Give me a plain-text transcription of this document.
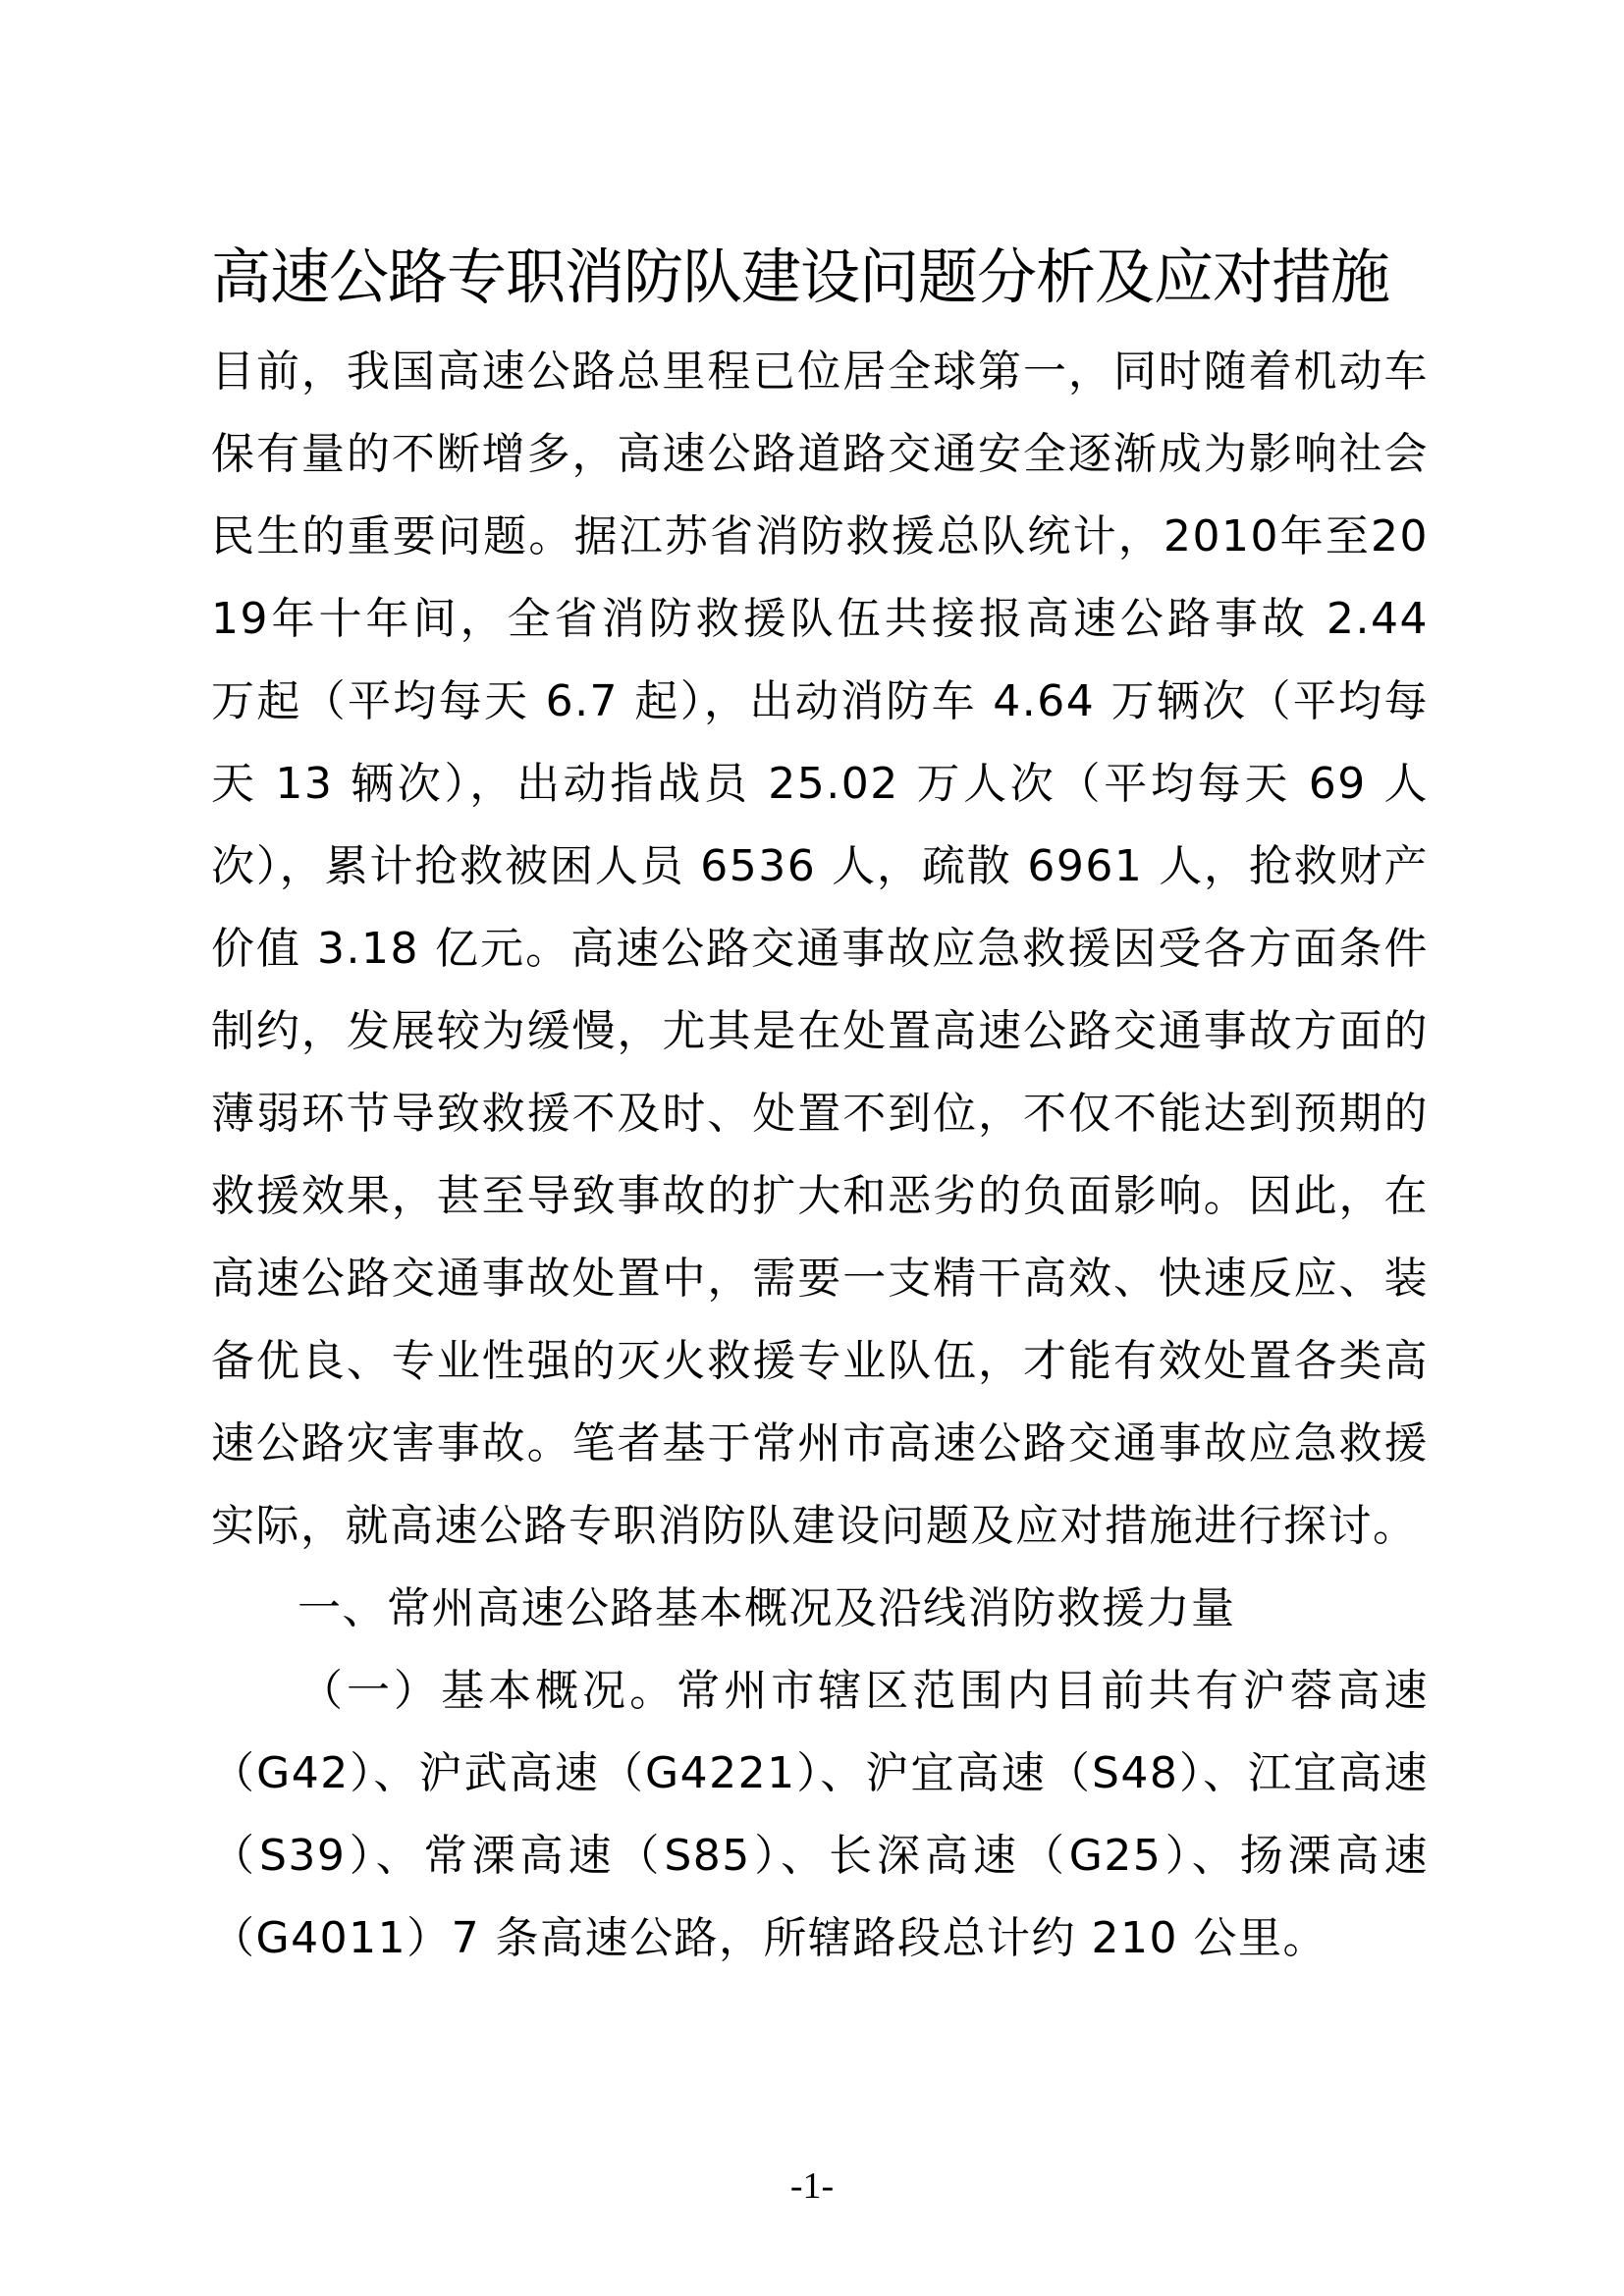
高速公路专职消防队建设问题分析及应对措施

目前，我国高速公路总里程已位居全球第一，同时随着机动车保有量的不断增多，高速公路道路交通安全逐渐成为影响社会民生的重要问题。据江苏省消防救援总队统计，2010年至2019年十年间，全省消防救援队伍共接报高速公路事故 2.44 万起（平均每天 6.7 起），出动消防车 4.64 万辆次（平均每天 13 辆次），出动指战员 25.02 万人次（平均每天 69 人次），累计抢救被困人员 6536 人，疏散 6961 人，抢救财产价值 3.18 亿元。高速公路交通事故应急救援因受各方面条件制约，发展较为缓慢，尤其是在处置高速公路交通事故方面的薄弱环节导致救援不及时、处置不到位，不仅不能达到预期的救援效果，甚至导致事故的扩大和恶劣的负面影响。因此，在高速公路交通事故处置中，需要一支精干高效、快速反应、装备优良、专业性强的灭火救援专业队伍，才能有效处置各类高速公路灾害事故。笔者基于常州市高速公路交通事故应急救援实际，就高速公路专职消防队建设问题及应对措施进行探讨。

一、常州高速公路基本概况及沿线消防救援力量

（一）基本概况。常州市辖区范围内目前共有沪蓉高速（G42）、沪武高速（G4221）、沪宜高速（S48）、江宜高速（S39）、常溧高速（S85）、长深高速（G25）、扬溧高速（G4011）7 条高速公路，所辖路段总计约 210 公里。

-1-
